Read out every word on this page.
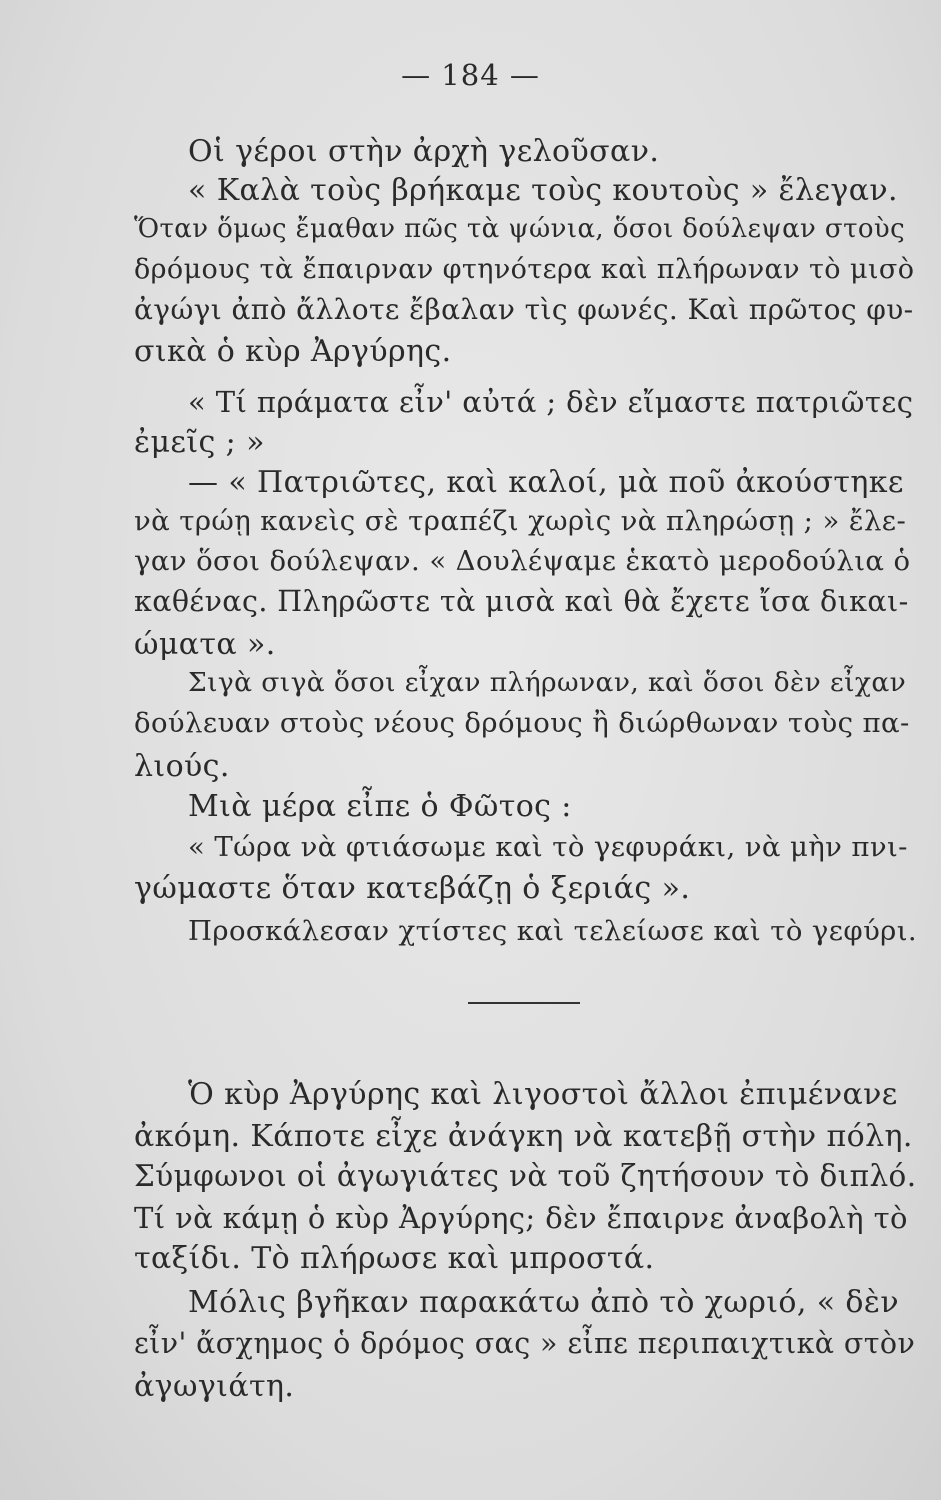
— 184 —
Οἱ γέροι στὴν ἀρχὴ γελοῦσαν.
« Καλὰ τοὺς βρήκαμε τοὺς κουτοὺς » ἔλεγαν.
Ὅταν ὅμως ἔμαθαν πῶς τὰ ψώνια, ὅσοι δούλεψαν στοὺς
δρόμους τὰ ἔπαιρναν φτηνότερα καὶ πλήρωναν τὸ μισὸ
ἀγώγι ἀπὸ ἄλλοτε ἔβαλαν τὶς φωνές. Καὶ πρῶτος φυ-
σικὰ ὁ κὺρ Ἀργύρης.
« Τί πράματα εἶν' αὐτά ; δὲν εἴμαστε πατριῶτες
ἐμεῖς ; »
— « Πατριῶτες, καὶ καλοί, μὰ ποῦ ἀκούστηκε
νὰ τρώῃ κανεὶς σὲ τραπέζι χωρὶς νὰ πληρώσῃ ; » ἔλε-
γαν ὅσοι δούλεψαν. « Δουλέψαμε ἑκατὸ μεροδούλια ὁ
καθένας. Πληρῶστε τὰ μισὰ καὶ θὰ ἔχετε ἴσα δικαι-
ώματα ».
Σιγὰ σιγὰ ὅσοι εἶχαν πλήρωναν, καὶ ὅσοι δὲν εἶχαν
δούλευαν στοὺς νέους δρόμους ἢ διώρθωναν τοὺς πα-
λιούς.
Μιὰ μέρα εἶπε ὁ Φῶτος :
« Τώρα νὰ φτιάσωμε καὶ τὸ γεφυράκι, νὰ μὴν πνι-
γώμαστε ὅταν κατεβάζῃ ὁ ξεριάς ».
Προσκάλεσαν χτίστες καὶ τελείωσε καὶ τὸ γεφύρι.
Ὁ κὺρ Ἀργύρης καὶ λιγοστοὶ ἄλλοι ἐπιμένανε
ἀκόμη. Κάποτε εἶχε ἀνάγκη νὰ κατεβῇ στὴν πόλη.
Σύμφωνοι οἱ ἀγωγιάτες νὰ τοῦ ζητήσουν τὸ διπλό.
Τί νὰ κάμῃ ὁ κὺρ Ἀργύρης; δὲν ἔπαιρνε ἀναβολὴ τὸ
ταξίδι. Τὸ πλήρωσε καὶ μπροστά.
Μόλις βγῆκαν παρακάτω ἀπὸ τὸ χωριό, « δὲν
εἶν' ἄσχημος ὁ δρόμος σας » εἶπε περιπαιχτικὰ στὸν
ἀγωγιάτη.
